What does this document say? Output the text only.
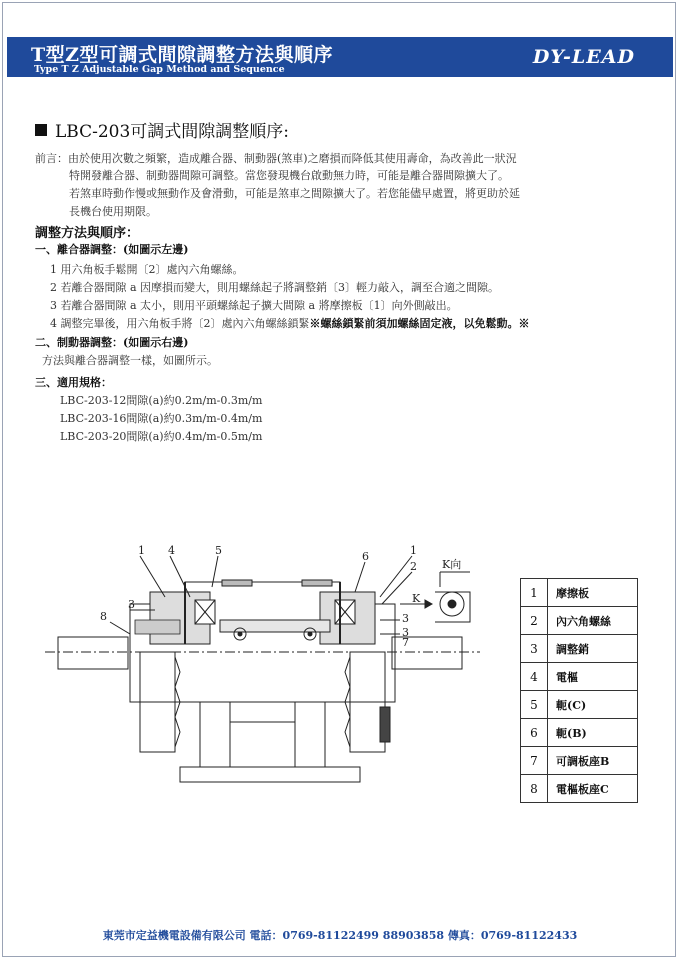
T型Z型可調式間隙調整方法與順序
Type T Z Adjustable Gap Method and Sequence
DY-LEAD
LBC-203可調式間隙調整順序:
前言：由於使用次數之頻繁，造成離合器、制動器(煞車)之磨損而降低其使用壽命，為改善此一狀況
特開發離合器、制動器間隙可調整。當您發現機台啟動無力時，可能是離合器間隙擴大了。
若煞車時動作慢或無動作及會滑動，可能是煞車之間隙擴大了。若您能儘早處置，將更助於延
長機台使用期限。
調整方法與順序：
一、離合器調整：(如圖示左邊)
1 用六角板手鬆開〔2〕處內六角螺絲。
2 若離合器間隙 a 因摩損而變大，則用螺絲起子將調整銷〔3〕輕力敲入，調至合適之間隙。
3 若離合器間隙 a 太小，則用平頭螺絲起子擴大間隙 a 將摩擦板〔1〕向外側敲出。
4 調整完畢後，用六角板手將〔2〕處內六角螺絲鎖緊※螺絲鎖緊前須加螺絲固定液，以免鬆動。※
二、制動器調整：(如圖示右邊)
方法與離合器調整一樣，如圖所示。
三、適用規格：
LBC-203-12間隙(a)約0.2m/m-0.3m/m
LBC-203-16間隙(a)約0.3m/m-0.4m/m
LBC-203-20間隙(a)約0.4m/m-0.5m/m
1 4	5	6	1
2
3
3
3
7
8
K
K向
1	摩擦板
2	內六角螺絲
3	調整銷
4	電樞
5	軛(C)
6	軛(B)
7	可調板座B
8	電樞板座C
東莞市定益機電設備有限公司 電話：0769-81122499 88903858 傳真：0769-81122433
